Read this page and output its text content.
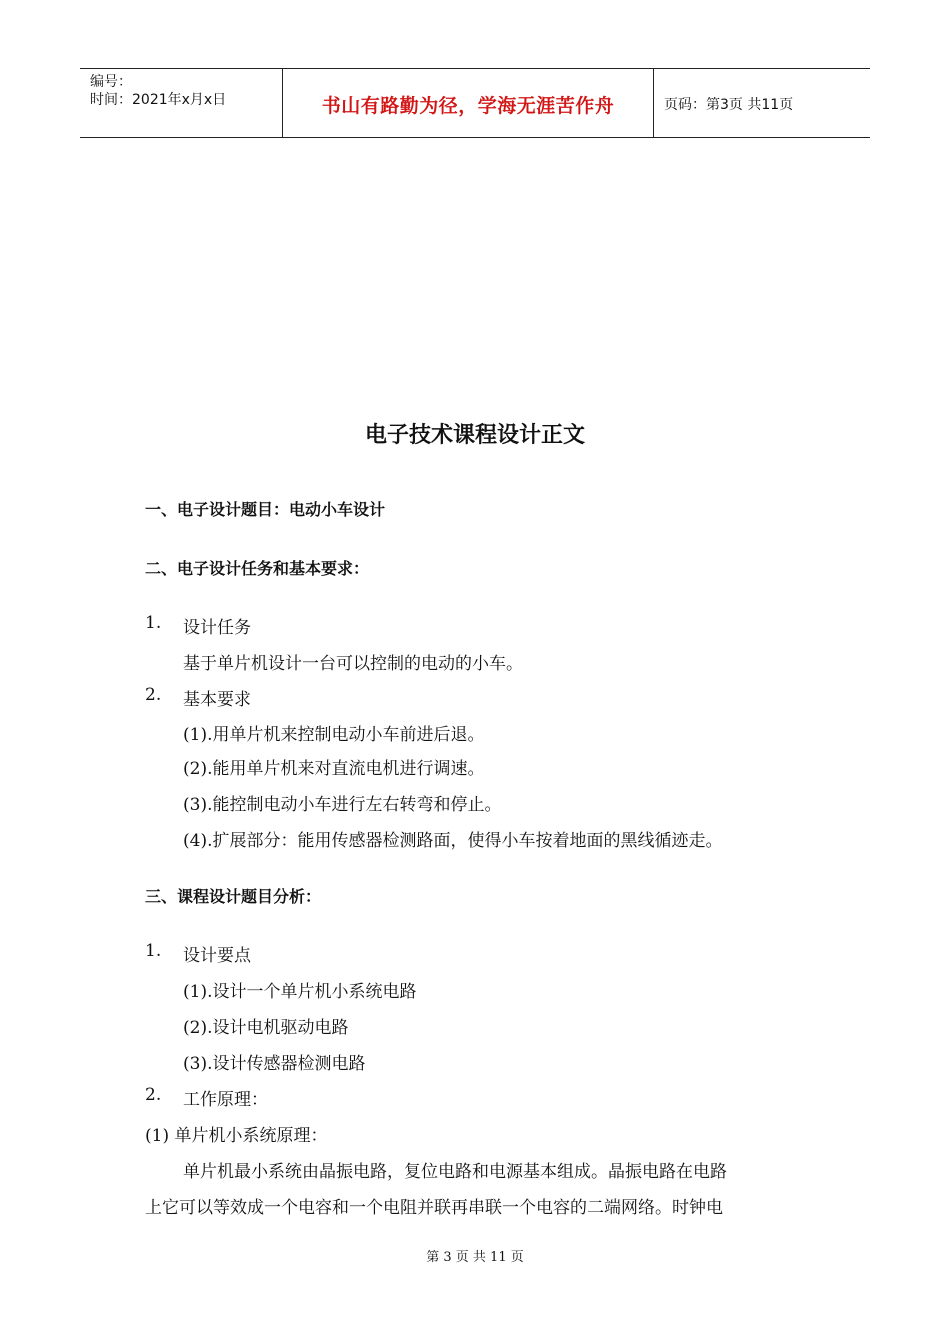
编号：
时间：2021年x月x日	书山有路勤为径，学海无涯苦作舟	页码：第3页 共11页
电子技术课程设计正文
一、电子设计题目：电动小车设计
二、电子设计任务和基本要求：
1. 设计任务
基于单片机设计一台可以控制的电动的小车。
2. 基本要求
(1).用单片机来控制电动小车前进后退。
(2).能用单片机来对直流电机进行调速。
(3).能控制电动小车进行左右转弯和停止。
(4).扩展部分：能用传感器检测路面，使得小车按着地面的黑线循迹走。
三、课程设计题目分析：
1. 设计要点
(1).设计一个单片机小系统电路
(2).设计电机驱动电路
(3).设计传感器检测电路
2. 工作原理：
(1) 单片机小系统原理：
单片机最小系统由晶振电路，复位电路和电源基本组成。晶振电路在电路
上它可以等效成一个电容和一个电阻并联再串联一个电容的二端网络。时钟电
第 3 页 共 11 页
